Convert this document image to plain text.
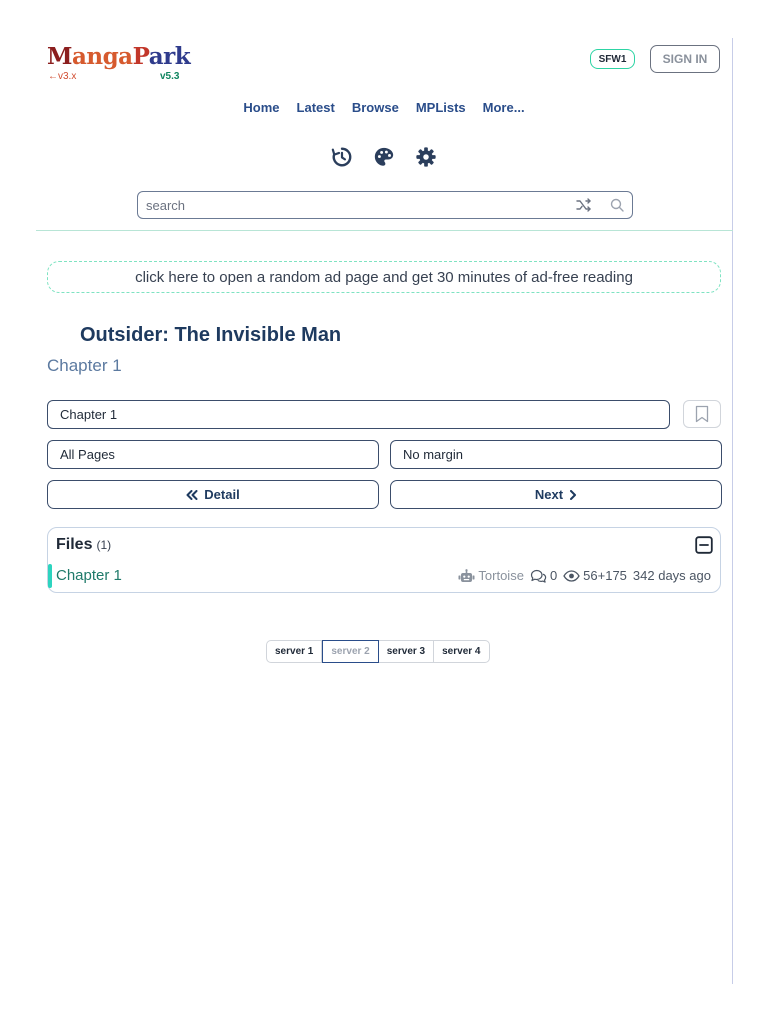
MangaPark
←v3.x	v5.3
SFW1	SIGN IN
Home Latest Browse MPLists More...
search
click here to open a random ad page and get 30 minutes of ad-free reading
Outsider: The Invisible Man
Chapter 1
Chapter 1
All Pages	No margin
Detail	Next
Files (1)
Chapter 1	Tortoise 0 56+175 342 days ago
server 1	server 2	server 3	server 4
